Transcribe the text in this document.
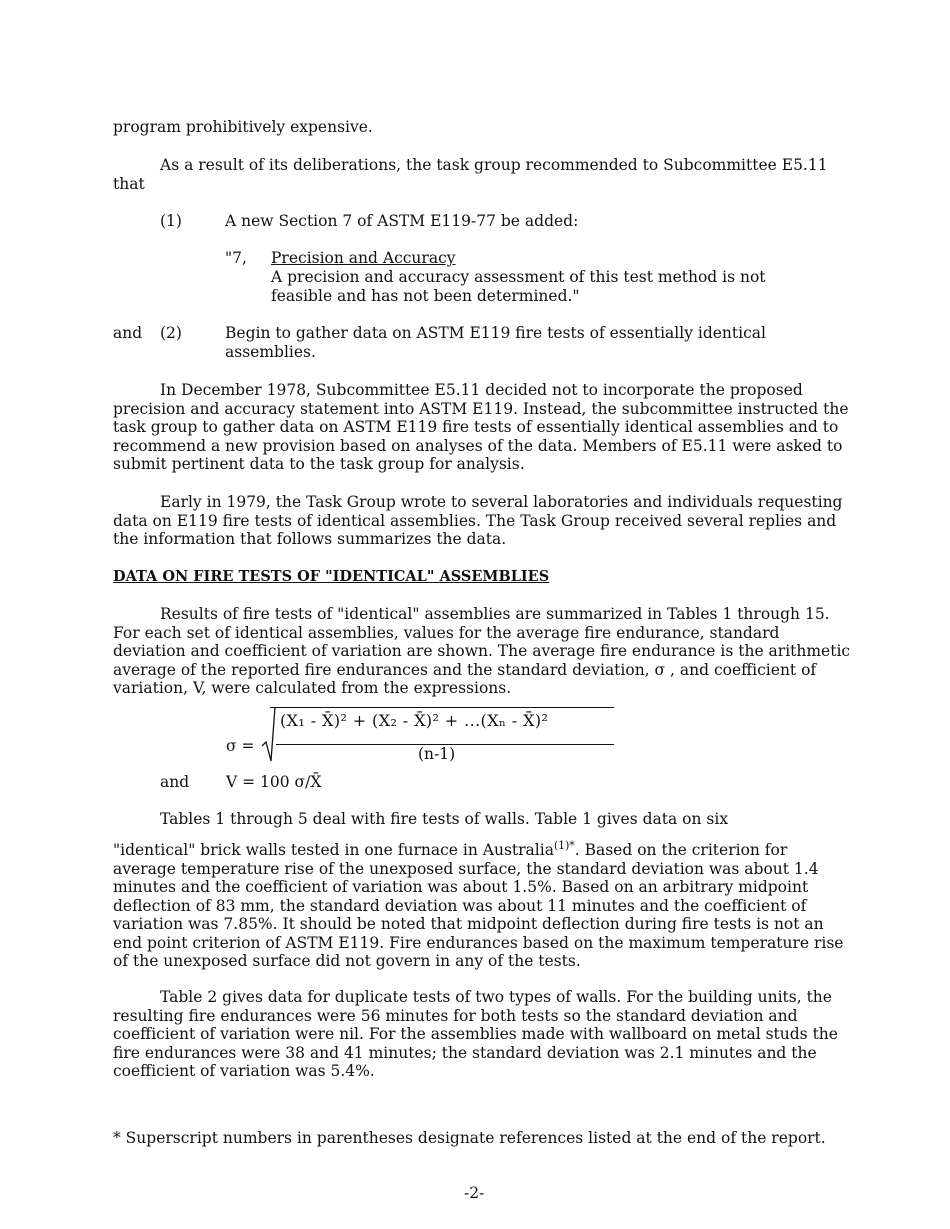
program prohibitively expensive.

As a result of its deliberations, the task group recommended to Subcommittee E5.11 that

(1)	A new Section 7 of ASTM E119-77 be added:
"7, Precision and Accuracy

A precision and accuracy assessment of this test method is not feasible and has not been determined."

and (2)	Begin to gather data on ASTM E119 fire tests of essentially identical assemblies.

In December 1978, Subcommittee E5.11 decided not to incorporate the proposed precision and accuracy statement into ASTM E119. Instead, the subcommittee instructed the task group to gather data on ASTM E119 fire tests of essentially identical assemblies and to recommend a new provision based on analyses of the data. Members of E5.11 were asked to submit pertinent data to the task group for analysis.

Early in 1979, the Task Group wrote to several laboratories and individuals requesting data on E119 fire tests of identical assemblies. The Task Group received several replies and the information that follows summarizes the data.

DATA ON FIRE TESTS OF "IDENTICAL" ASSEMBLIES

Results of fire tests of "identical" assemblies are summarized in Tables 1 through 15. For each set of identical assemblies, values for the average fire endurance, standard deviation and coefficient of variation are shown. The average fire endurance is the arithmetic average of the reported fire endurances and the standard deviation, σ , and coefficient of variation, V, were calculated from the expressions.

σ =
(X₁ - X̄)² + (X₂ - X̄)² + ...(Xₙ - X̄)²
(n-1)
and V = 100 σ/X̄

Tables 1 through 5 deal with fire tests of walls. Table 1 gives data on six

"identical" brick walls tested in one furnace in Australia$^{(1)*}$. Based on the criterion for average temperature rise of the unexposed surface, the standard deviation was about 1.4 minutes and the coefficient of variation was about 1.5%. Based on an arbitrary midpoint deflection of 83 mm, the standard deviation was about 11 minutes and the coefficient of variation was 7.85%. It should be noted that midpoint deflection during fire tests is not an end point criterion of ASTM E119. Fire endurances based on the maximum temperature rise of the unexposed surface did not govern in any of the tests.

Table 2 gives data for duplicate tests of two types of walls. For the building units, the resulting fire endurances were 56 minutes for both tests so the standard deviation and coefficient of variation were nil. For the assemblies made with wallboard on metal studs the fire endurances were 38 and 41 minutes; the standard deviation was 2.1 minutes and the coefficient of variation was 5.4%.

* Superscript numbers in parentheses designate references listed at the end of the report.
-2-
